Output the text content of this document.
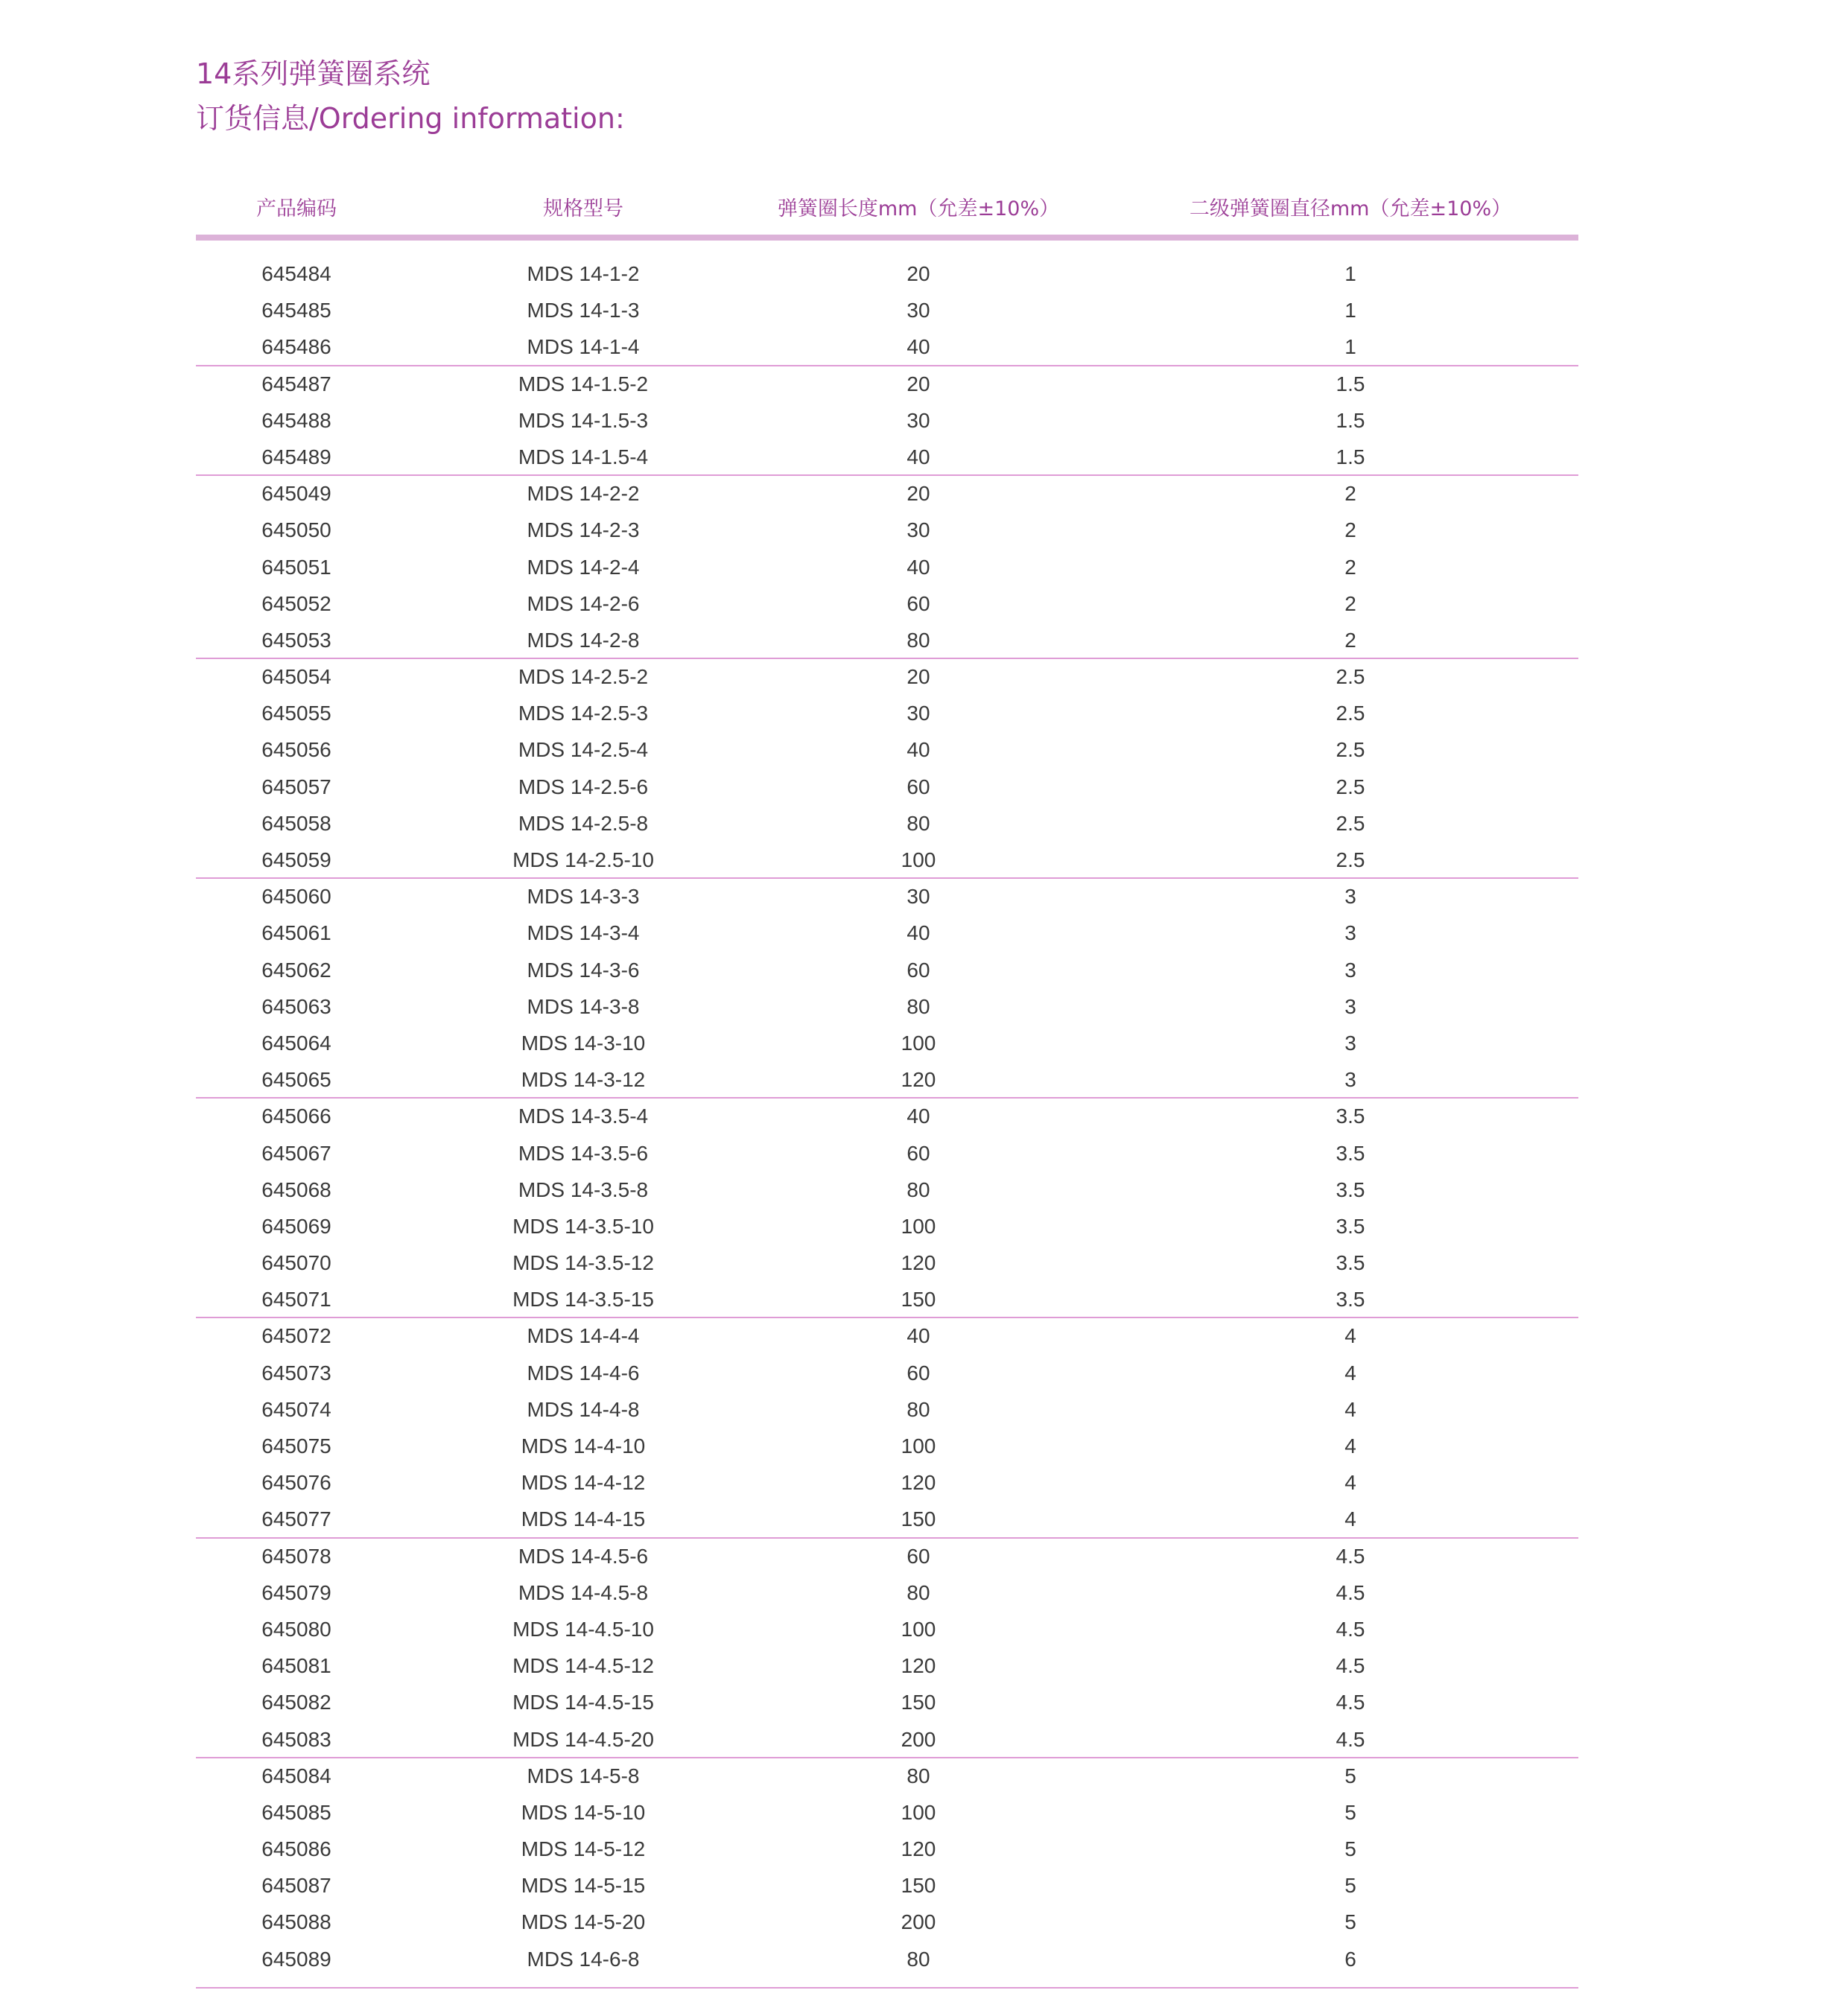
14系列弹簧圈系统
订货信息/Ordering information:
产品编码	规格型号	弹簧圈长度mm（允差±10%）	二级弹簧圈直径mm（允差±10%）
645484	MDS 14-1-2	20	1
645485	MDS 14-1-3	30	1
645486	MDS 14-1-4	40	1
645487	MDS 14-1.5-2	20	1.5
645488	MDS 14-1.5-3	30	1.5
645489	MDS 14-1.5-4	40	1.5
645049	MDS 14-2-2	20	2
645050	MDS 14-2-3	30	2
645051	MDS 14-2-4	40	2
645052	MDS 14-2-6	60	2
645053	MDS 14-2-8	80	2
645054	MDS 14-2.5-2	20	2.5
645055	MDS 14-2.5-3	30	2.5
645056	MDS 14-2.5-4	40	2.5
645057	MDS 14-2.5-6	60	2.5
645058	MDS 14-2.5-8	80	2.5
645059	MDS 14-2.5-10	100	2.5
645060	MDS 14-3-3	30	3
645061	MDS 14-3-4	40	3
645062	MDS 14-3-6	60	3
645063	MDS 14-3-8	80	3
645064	MDS 14-3-10	100	3
645065	MDS 14-3-12	120	3
645066	MDS 14-3.5-4	40	3.5
645067	MDS 14-3.5-6	60	3.5
645068	MDS 14-3.5-8	80	3.5
645069	MDS 14-3.5-10	100	3.5
645070	MDS 14-3.5-12	120	3.5
645071	MDS 14-3.5-15	150	3.5
645072	MDS 14-4-4	40	4
645073	MDS 14-4-6	60	4
645074	MDS 14-4-8	80	4
645075	MDS 14-4-10	100	4
645076	MDS 14-4-12	120	4
645077	MDS 14-4-15	150	4
645078	MDS 14-4.5-6	60	4.5
645079	MDS 14-4.5-8	80	4.5
645080	MDS 14-4.5-10	100	4.5
645081	MDS 14-4.5-12	120	4.5
645082	MDS 14-4.5-15	150	4.5
645083	MDS 14-4.5-20	200	4.5
645084	MDS 14-5-8	80	5
645085	MDS 14-5-10	100	5
645086	MDS 14-5-12	120	5
645087	MDS 14-5-15	150	5
645088	MDS 14-5-20	200	5
645089	MDS 14-6-8	80	6
